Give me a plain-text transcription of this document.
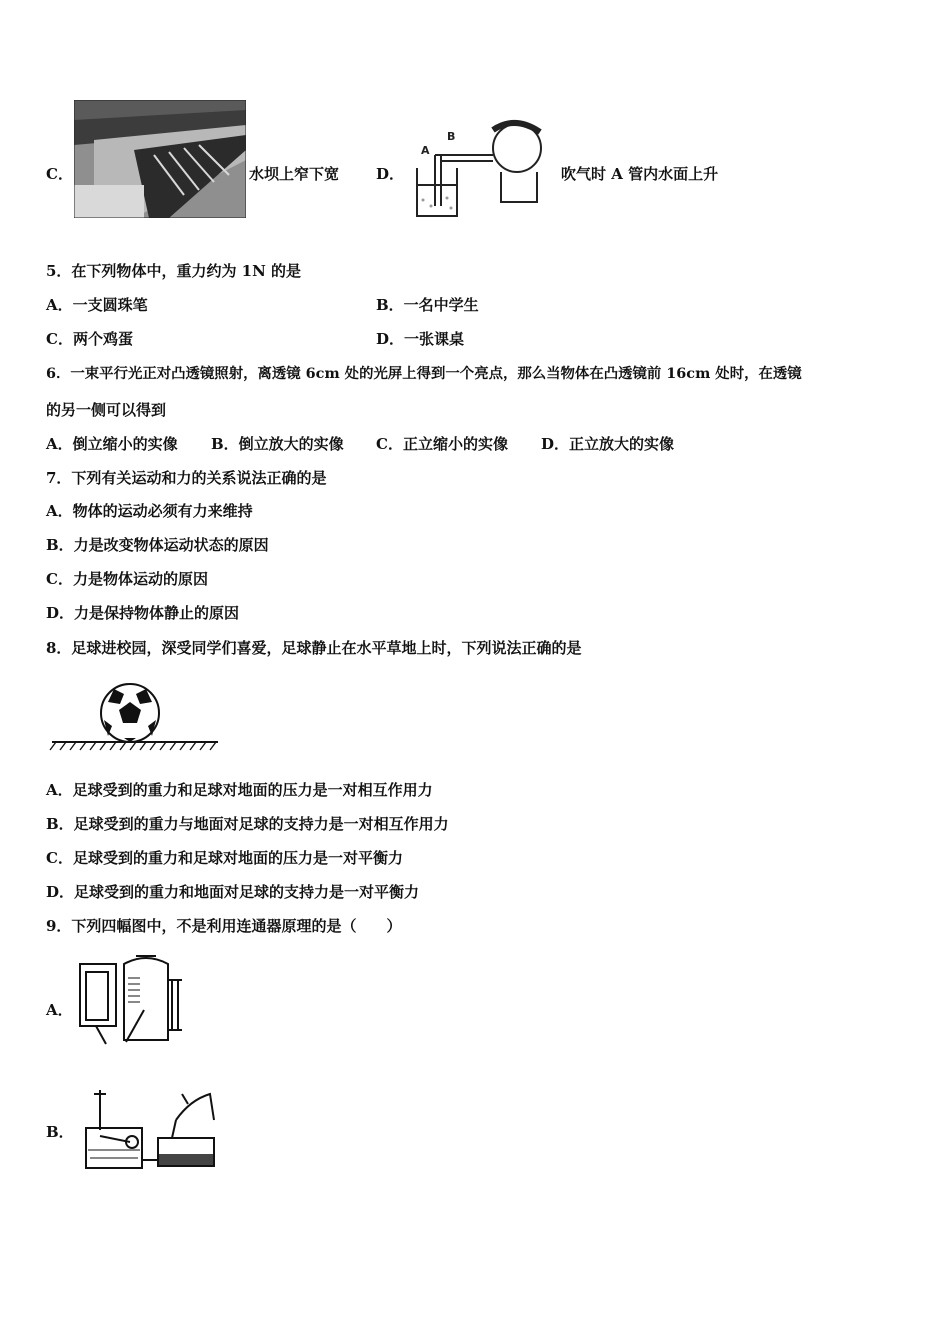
C．	水坝上窄下宽 D．
A
B
吹气时 A 管内水面上升
5．在下列物体中，重力约为 1N 的是
A．一支圆珠笔	B．一名中学生
C．两个鸡蛋	D．一张课桌
6．一束平行光正对凸透镜照射，离透镜 6cm 处的光屏上得到一个亮点，那么当物体在凸透镜前 16cm 处时，在透镜
的另一侧可以得到
A．倒立缩小的实像 B．倒立放大的实像 C．正立缩小的实像 D．正立放大的实像
7．下列有关运动和力的关系说法正确的是
A．物体的运动必须有力来维持
B．力是改变物体运动状态的原因
C．力是物体运动的原因
D．力是保持物体静止的原因
8．足球进校园，深受同学们喜爱，足球静止在水平草地上时，下列说法正确的是
A．足球受到的重力和足球对地面的压力是一对相互作用力
B．足球受到的重力与地面对足球的支持力是一对相互作用力
C．足球受到的重力和足球对地面的压力是一对平衡力
D．足球受到的重力和地面对足球的支持力是一对平衡力
9．下列四幅图中，不是利用连通器原理的是（　　）
A．
B．
